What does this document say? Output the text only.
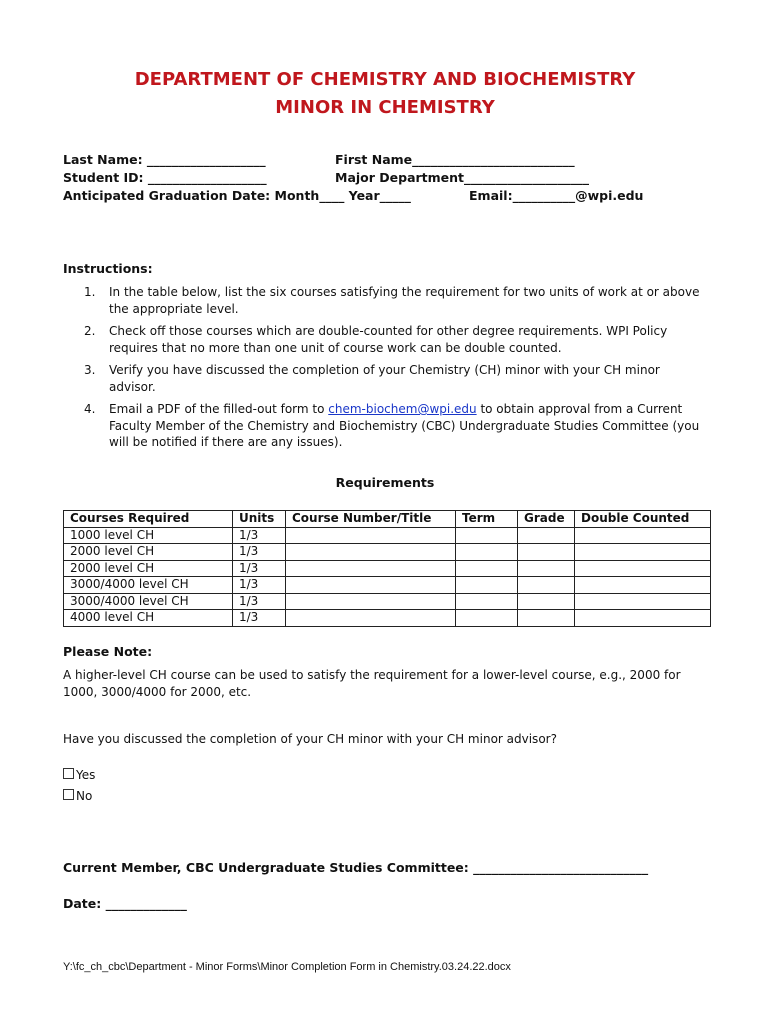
DEPARTMENT OF CHEMISTRY AND BIOCHEMISTRY
MINOR IN CHEMISTRY
Last Name: ___________________	First Name__________________________
Student ID: ___________________	Major Department____________________
Anticipated Graduation Date: Month____ Year_____	Email:__________@wpi.edu
Instructions:
1. In the table below, list the six courses satisfying the requirement for two units of work at or above the appropriate level.
2. Check off those courses which are double-counted for other degree requirements. WPI Policy requires that no more than one unit of course work can be double counted.
3. Verify you have discussed the completion of your Chemistry (CH) minor with your CH minor advisor.
4. Email a PDF of the filled-out form to chem-biochem@wpi.edu to obtain approval from a Current Faculty Member of the Chemistry and Biochemistry (CBC) Undergraduate Studies Committee (you will be notified if there are any issues).
Requirements
Courses Required	Units	Course Number/Title	Term	Grade	Double Counted
1000 level CH	1/3				
2000 level CH	1/3				
2000 level CH	1/3				
3000/4000 level CH	1/3				
3000/4000 level CH	1/3				
4000 level CH	1/3				
Please Note:
A higher-level CH course can be used to satisfy the requirement for a lower-level course, e.g., 2000 for 1000, 3000/4000 for 2000, etc.
Have you discussed the completion of your CH minor with your CH minor advisor?
Yes
No
Current Member, CBC Undergraduate Studies Committee: ____________________________
Date: _____________
Y:\fc_ch_cbc\Department - Minor Forms\Minor Completion Form in Chemistry.03.24.22.docx
